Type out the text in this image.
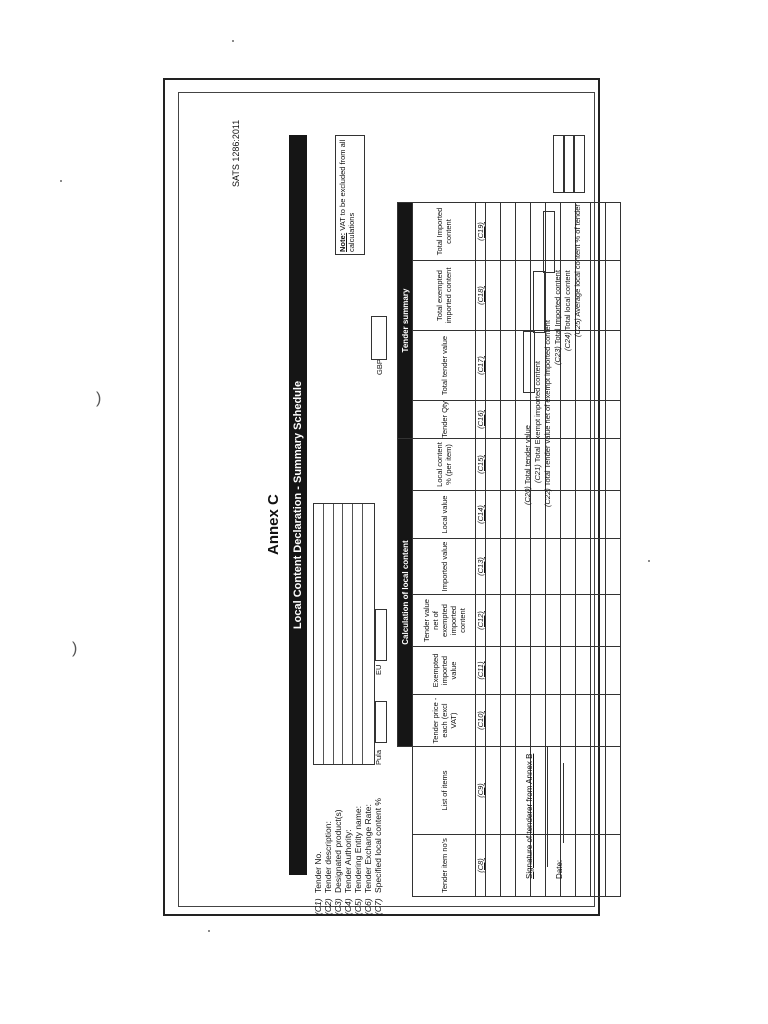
)
)
SATS 1286:2011
Annex C Local Content Declaration - Summary Schedule
(C1)Tender No.
(C2)Tender description:
(C3)Designated product(s)
(C4)Tender Authority:
(C5)Tendering Entity name:
(C6)Tender Exchange Rate:
(C7)Specified local content %
Pula
EU
GBP
Note: VAT to be excluded from all calculations
		Calculation of local content						Tender summary			
Tender item no's	List of items	Tender price - each (excl VAT)	Exempted imported value	Tender value net of exempted imported content	Imported value	Local value	Local content % (per item)	Tender Qty	Total tender value	Total exempted imported content	Total Imported content
(C8)	(C9)	(C10)	(C11)	(C12)	(C13)	(C14)	(C15)	(C16)	(C17)	(C18)	(C19)

Signature of tenderer from Annex B	Date:
(C20) Total tender value (C21) Total Exempt imported content
(C22) Total Tender value net of exempt imported content (C23) Total Imported content (C24) Total local content (C25) Average local content % of tender
